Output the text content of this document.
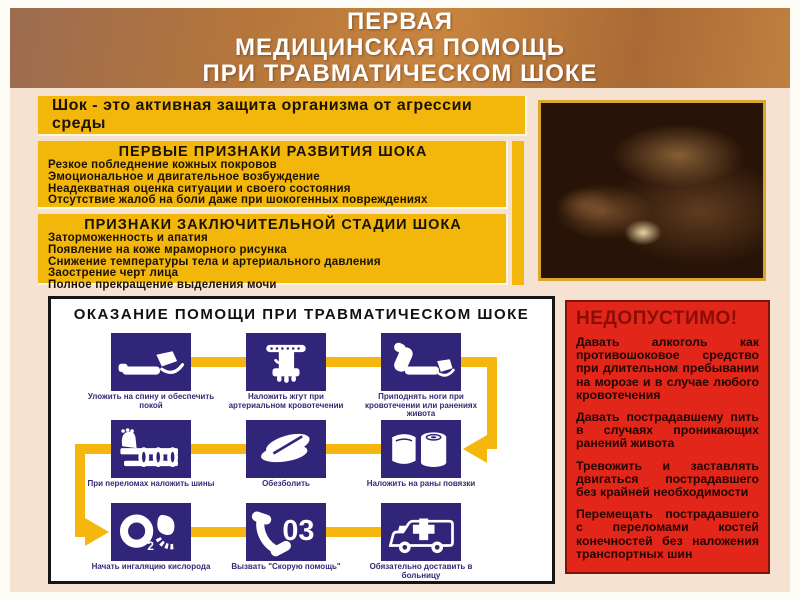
ПЕРВАЯ
МЕДИЦИНСКАЯ ПОМОЩЬ
ПРИ ТРАВМАТИЧЕСКОМ ШОКЕ
Шок - это активная защита организма от агрессии среды
ПЕРВЫЕ ПРИЗНАКИ РАЗВИТИЯ ШОКА
Резкое побледнение кожных покровов
Эмоциональное и двигательное возбуждение
Неадекватная оценка ситуации и своего состояния
Отсутствие жалоб на боли даже при шокогенных повреждениях
ПРИЗНАКИ ЗАКЛЮЧИТЕЛЬНОЙ СТАДИИ ШОКА
Заторможенность и апатия
Появление на коже мраморного рисунка
Снижение температуры тела и артериального давления
Заострение черт лица
Полное прекращение выделения мочи
ОКАЗАНИЕ ПОМОЩИ ПРИ ТРАВМАТИЧЕСКОМ ШОКЕ
Уложить на спину и обеспечить покой
Наложить жгут при артериальном кровотечении
Приподнять ноги при кровотечении или ранениях живота
При переломах наложить шины	Обезболить	Наложить на раны повязки
2	03
Начать ингаляцию кислорода	Вызвать "Скорую помощь"	Обязательно доставить в больницу
НЕДОПУСТИМО!

Давать алкоголь как противошоковое средство при длительном пребывании на морозе и в случае любого кровотечения

Давать пострадавшему пить в случаях проникающих ранений живота

Тревожить и заставлять двигаться пострадавшего без крайней необходимости

Перемещать пострадавшего с переломами костей конечностей без наложения транспортных шин
